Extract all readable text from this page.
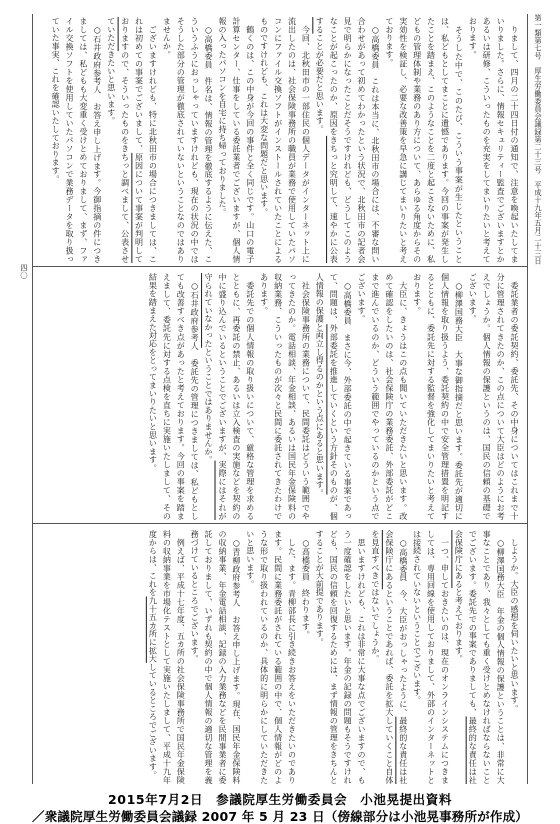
第一類第七号　厚生労働委員会議録第二十三号　平成十九年五月二十三日
四〇

　りまして、四月の二十四日付の通知で、注意を喚起いたしてまいりました。さらに、情報セキュリティー監査でございますとかあるいは研修、こういったものを充実をしてまいりたいと考えております。

　そうした中で、このたび、こういう事案が生じたということは、私どもとしてまことに遺憾であります。今回の事案が発生したことを踏まえ、このようなことを二度と起こさないために、私どもの管理体制や業務のあり方について、あらゆる角度からその実効性を検証し、必要な改善策を早急に講じてまいりたいと考えております。

　○高橋委員　これは本当に、北秋田市の場合には、不審な問い合わせがあって初めてわかったという状況で、北秋田市の記者会見で明らかになったことだそうですけれども、どうしてこのようなことが起こったのか、原因をきちっと究明して、速やかに公表することが必要だと思います。

　今回、北秋田市の一部住民の個人データがインターネット上に流出したのは、社会保険事務所の職員が業務で使用していたパソコンにファイル交換ソフトがインストールされていたことによるものですけれども、これは大変な問題だと思います。

　鶴くのは、この中身が今回の事件と全く同じです。山口の電子計算センター、仕事をしている委託業者でございますが、個人情報の入ったパソコンを自宅に持ち帰っておりました。

　○高橋委員　件名は、情報の管理を徹底するように伝えた、こういうふうにおっしゃっていますけれども、現在の状況の中ではそうした部分の管理が徹底されていないということなのではありませんか。

　ございますけれども、特に北秋田市の場合につきましては、これは初めての事案でございまして、原因について事案が判明しておりますので、そういったものをきちっと調べまして、公表させていただきたいと思います。

　○石井政府参考人　お答え申し上げます。今御指摘の件につきましては、私どもも大変重く受けとめておりまして、まず、ファイル交換ソフトを使用していたパソコンで業務データを取り扱っていた事実、これを確認いたしております。

　委託業者の委託契約、委託先、その中身についてはこれまで十分に管理されてきたのか、この点について大臣はどのようにお考えでしょうか。個人情報の保護というのは、国民の信頼の基礎でございます。

　○柳澤国務大臣　大事な御指摘だと思います。委託先が適切に個人情報を取り扱うよう、委託契約の中で安全管理措置を明記するとともに、委託先に対する監督を強化してまいりたいと考えております。

　大臣に、きょうはこの点も聞いていただきたいと思います。改めて確認をしたいのは、社会保険庁の業務委託、外部委託がどこまで進んでいるのか、どういう範囲でやっているのかという点でございます。

　○高橋委員　まさに今、外部委託の中で起きている事案であって、問題は、外部委託を推進していくという方針そのものが、個人情報の保護と両立し得るのかという点にあると思います。

　社会保険事務所の業務について、民間委託はどういう範囲でやってきたのか。電話相談、年金相談、あるいは国民年金保険料の収納業務、こういったものが次々と民間に委託されてきたわけであります。

　委託先での個人情報の取り扱いについて、厳格な管理を求めるとともに、再委託の禁止、あるいは立入検査の実施などを契約の中に盛り込んでいるということでございますが、実際にはそれが守られていなかったということではありませんか。

　○石井政府参考人　委託先の管理につきましては、私どもとしても改善すべき点があったと考えております。今回の事案を踏まえまして、委託先に対する点検を直ちに実施いたしまして、その結果を踏まえた対応をとってまいりたいと思います。

　しようか。大臣の感想を伺いたいと思います。

　○柳澤国務大臣　年金の個人情報の保護ということは、非常に大事なことであり、我々としても重く受けとめなければならないことでございます。委託先での事案でありましても、最終的な責任は社会保険庁にあると考えております。

　一つ、申しておきたいのは、現在のオンラインシステムにつきましては、専用回線を使用しておりまして、外部のインターネットとは接続されていないということでございます。

　○高橋委員　今、大臣がおっしゃったように、最終的な責任は社会保険庁にあるということであれば、委託を拡大していくこと自体を見直すべきではないでしょうか。

　思いますけれども、これは非常に大事な点でございますので、もう一度確認をしたいと思います。年金の記録の問題もそうですけれども、国民の信頼を回復するためには、まず情報の管理をきちんとすることが大前提であります。

　○高橋委員　終わります。

　した、ます。青柳部長に引き続きお答えをいただきたいのであります。民間に業務委託がされている範囲の中で、個人情報がどのような形で取り扱われているのか、具体的に明らかにしていただきたいと思います。

　○青柳政府参考人　お答え申し上げます。現在、国民年金保険料の収納事業、年金電話相談、記録の入力業務などを民間事業者に委託しておりまして、いずれも契約の中で個人情報の適切な管理を義務づけているところでございます。

　例えば、平成十七年度、五カ所の社会保険事務所で国民年金保険料の収納事業を市場化テストとして実施いたしまして、平成十九年度からは、これを九十五カ所に拡大しているところでございます。

2015年7月2日　参議院厚生労働委員会　小池晃提出資料
／衆議院厚生労働委員会議録 2007 年 5 月 23 日（傍線部分は小池晃事務所が作成）
